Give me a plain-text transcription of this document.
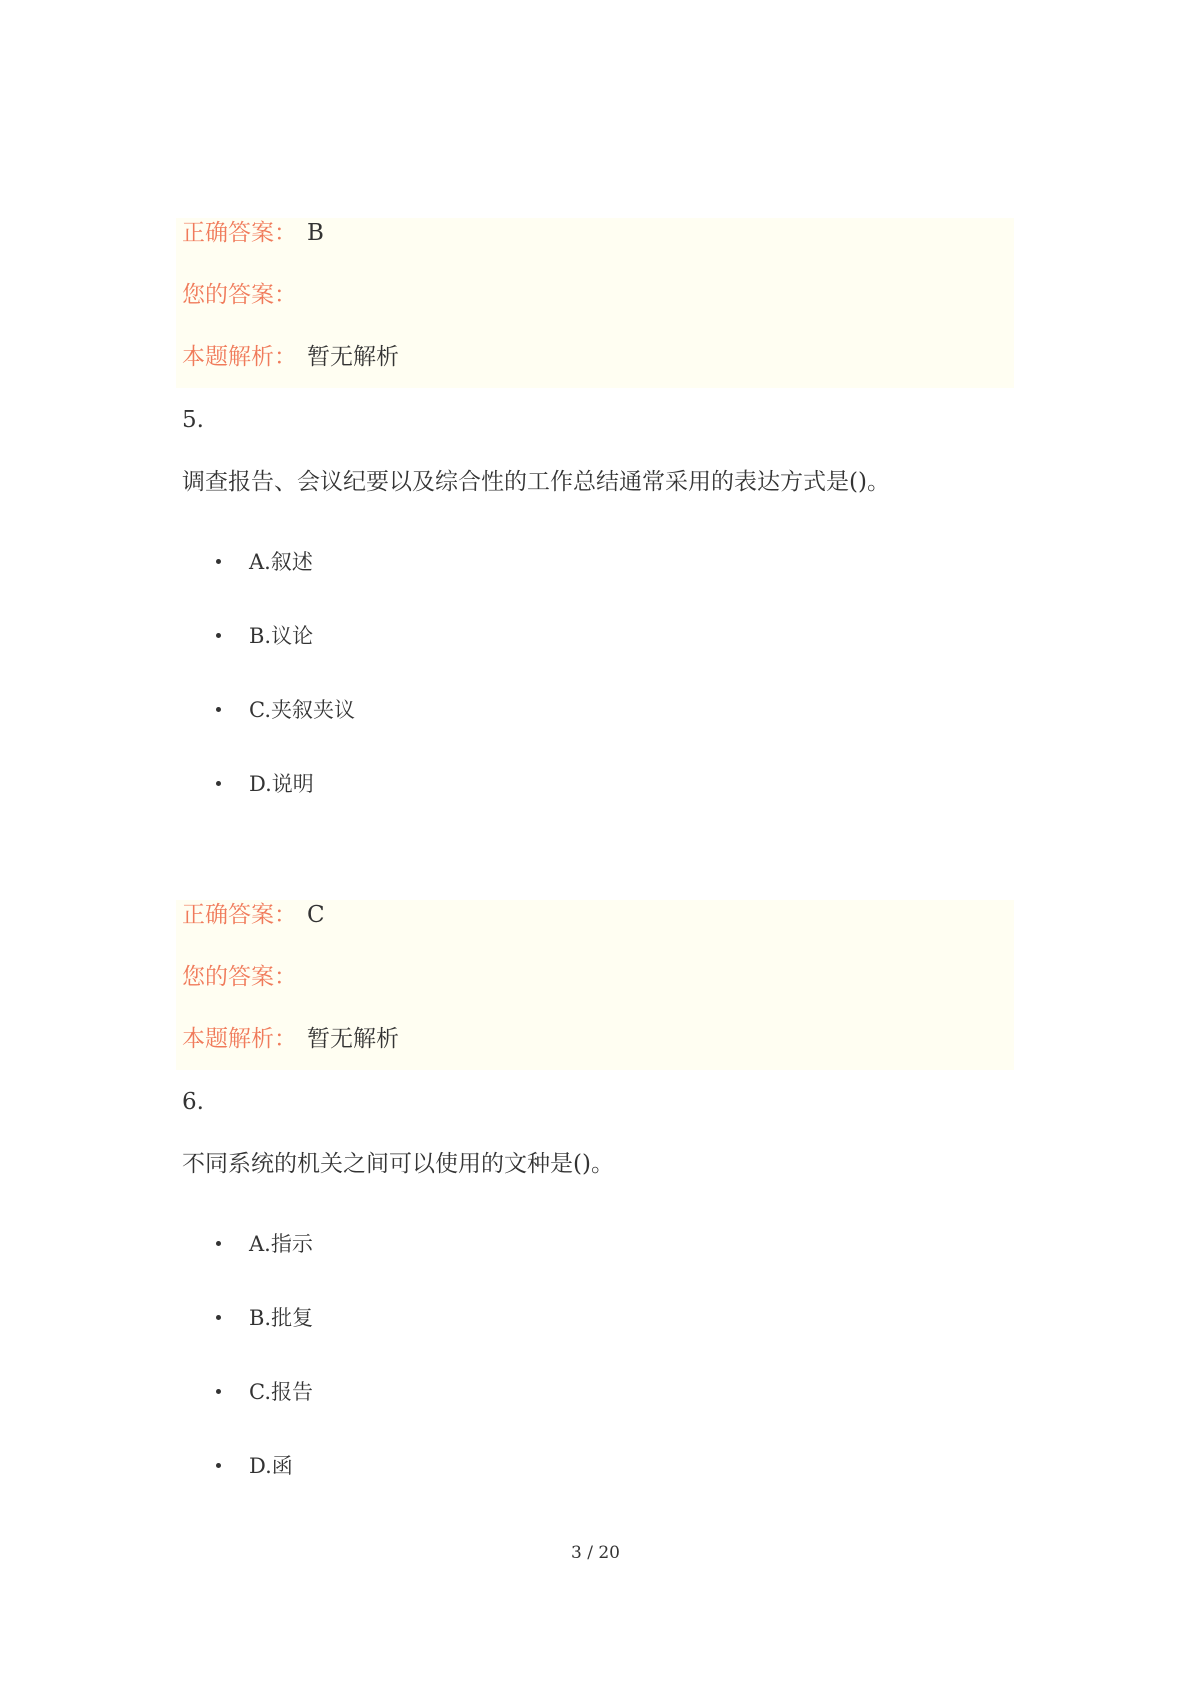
正确答案： B
您的答案：
本题解析： 暂无解析
5.
调查报告、会议纪要以及综合性的工作总结通常采用的表达方式是()。
A.叙述
B.议论
C.夹叙夹议
D.说明
正确答案： C
您的答案：
本题解析： 暂无解析
6.
不同系统的机关之间可以使用的文种是()。
A.指示
B.批复
C.报告
D.函
3 / 20
